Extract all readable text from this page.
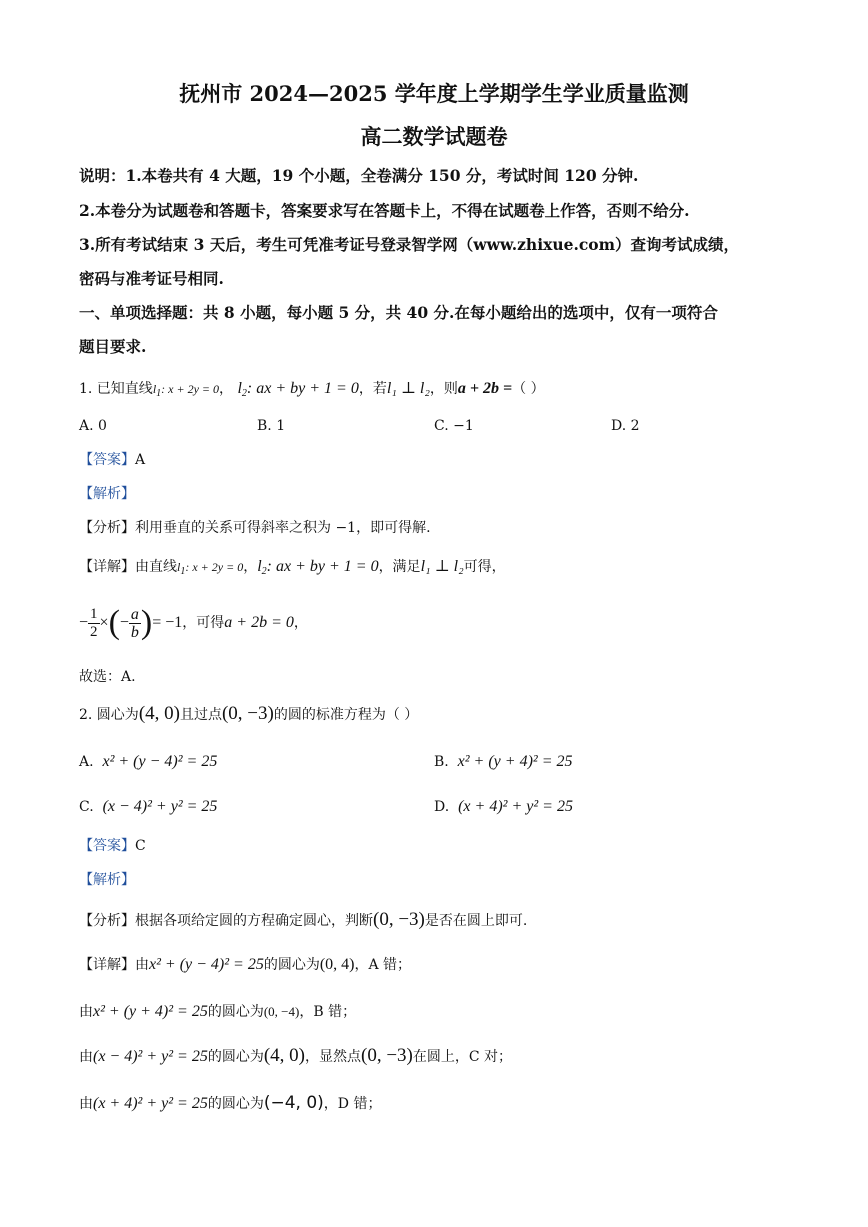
抚州市 2024—2025 学年度上学期学生学业质量监测
高二数学试题卷
说明：1.本卷共有 4 大题，19 个小题，全卷满分 150 分，考试时间 120 分钟.
2.本卷分为试题卷和答题卡，答案要求写在答题卡上，不得在试题卷上作答，否则不给分.
3.所有考试结束 3 天后，考生可凭准考证号登录智学网（www.zhixue.com）查询考试成绩，
密码与准考证号相同.
一、单项选择题：共 8 小题，每小题 5 分，共 40 分.在每小题给出的选项中，仅有一项符合
题目要求.
1. 已知直线$l_1$: x + 2y = 0， $l_2$: ax + by + 1 = 0，若l₁ ⊥ l₂，则a + 2b =（ ）
A. 0	B. 1	C. −1	D. 2
【答案】A
【解析】
【分析】利用垂直的关系可得斜率之积为 −1，即可得解.
【详解】由直线$l_1$: x + 2y = 0，$l_2$: ax + by + 1 = 0，满足l₁ ⊥ l₂可得，
− $\frac{1}{2}$ ×(− $\frac{a}{b}$ )= −1，可得a + 2b = 0，
故选：A.
2. 圆心为(4, 0)且过点(0, −3)的圆的标准方程为（ ）
A. x² + (y − 4)² = 25	B. x² + (y + 4)² = 25
C. (x − 4)² + y² = 25	D. (x + 4)² + y² = 25
【答案】C
【解析】
【分析】根据各项给定圆的方程确定圆心，判断(0, −3)是否在圆上即可.
【详解】由x² + (y − 4)² = 25的圆心为(0, 4)，A 错；
由x² + (y + 4)² = 25的圆心为(0, −4)，B 错；
由(x − 4)² + y² = 25的圆心为(4, 0)，显然点(0, −3)在圆上，C 对；
由(x + 4)² + y² = 25的圆心为(−4, 0)，D 错；
